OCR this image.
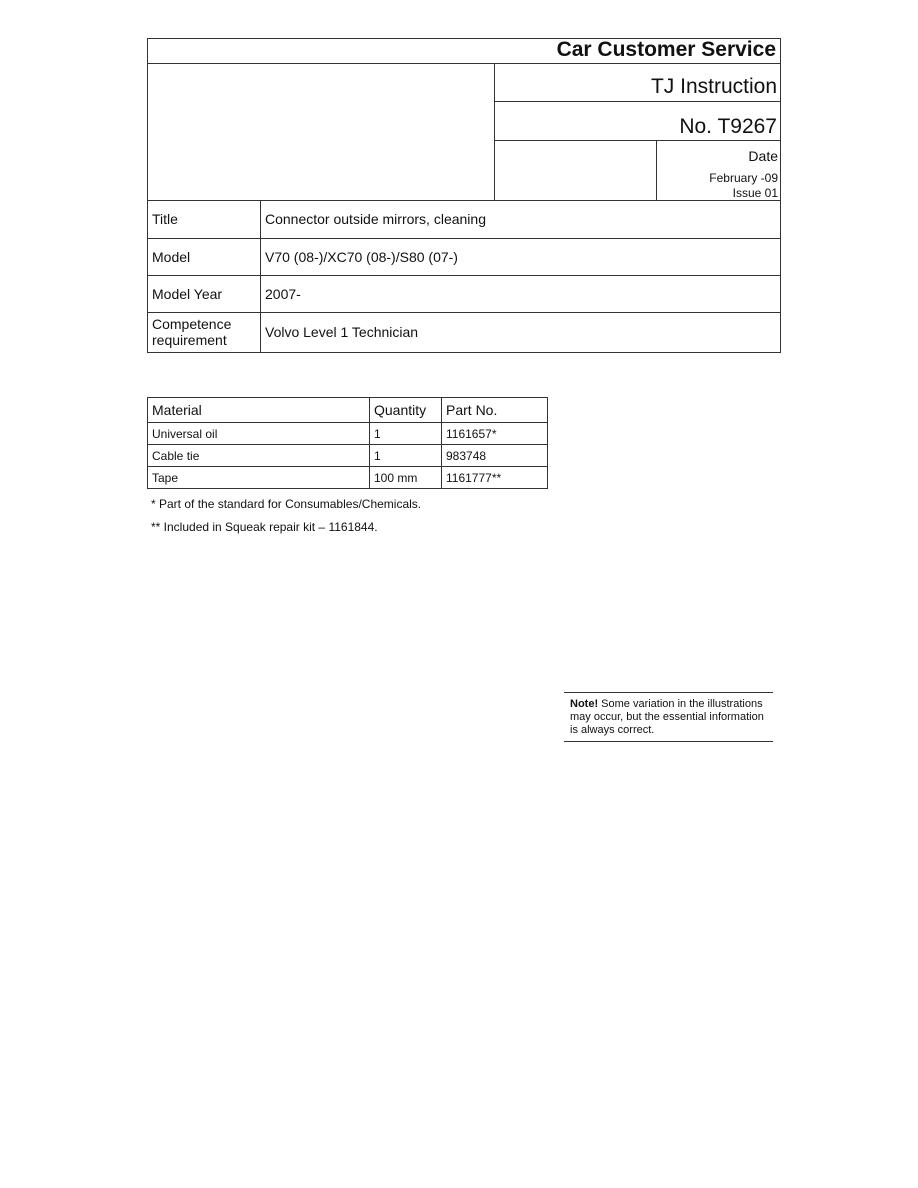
Car Customer Service
TJ Instruction
No. T9267
Date
February -09
Issue 01
Title	Connector outside mirrors, cleaning
Model	V70 (08-)/XC70 (08-)/S80 (07-)
Model Year	2007-
Competence
requirement	Volvo Level 1 Technician
Material	Quantity	Part No.
Universal oil	1	1161657*
Cable tie	1	983748
Tape	100 mm	1161777**
* Part of the standard for Consumables/Chemicals.
** Included in Squeak repair kit – 1161844.
Note! Some variation in the illustrations may occur, but the essential information is always correct.
